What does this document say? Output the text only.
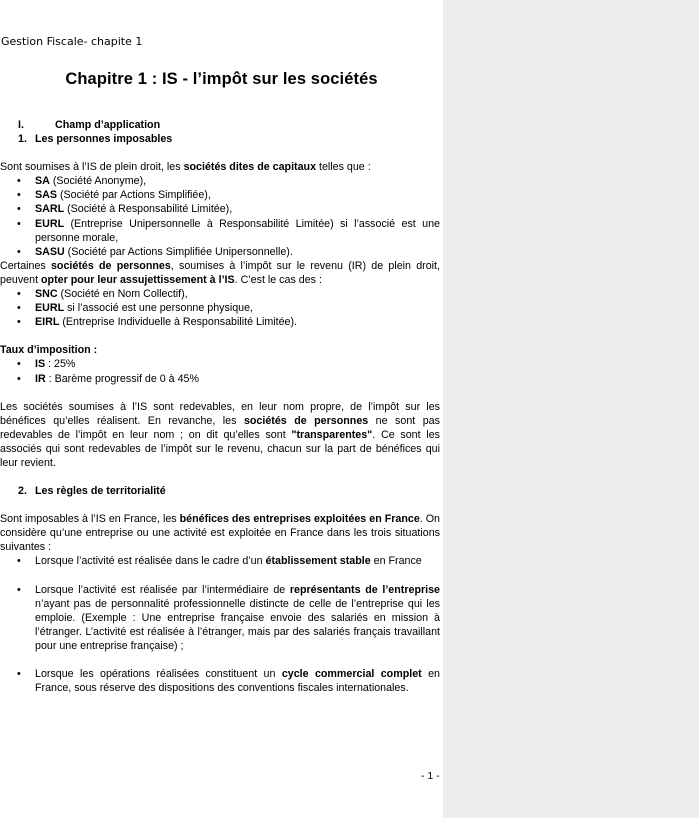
Gestion Fiscale- chapite 1
Chapitre 1 : IS - l’impôt sur les sociétés
I.	Champ d’application
1. Les personnes imposables

Sont soumises à l’IS de plein droit, les sociétés dites de capitaux telles que :

• SA (Société Anonyme),
• SAS (Société par Actions Simplifiée),
• SARL (Société à Responsabilité Limitée),
• EURL (Entreprise Unipersonnelle à Responsabilité Limitée) si l’associé est une personne morale,
• SASU (Société par Actions Simplifiée Unipersonnelle).

Certaines sociétés de personnes, soumises à l’impôt sur le revenu (IR) de plein droit, peuvent opter pour leur assujettissement à l’IS. C’est le cas des :

• SNC (Société en Nom Collectif),
• EURL si l’associé est une personne physique,
• EIRL (Entreprise Individuelle à Responsabilité Limitée).

Taux d’imposition :

• IS : 25%
• IR : Barème progressif de 0 à 45%

Les sociétés soumises à l’IS sont redevables, en leur nom propre, de l’impôt sur les bénéfices qu’elles réalisent. En revanche, les sociétés de personnes ne sont pas redevables de l’impôt en leur nom ; on dit qu’elles sont "transparentes". Ce sont les associés qui sont redevables de l’impôt sur le revenu, chacun sur la part de bénéfices qui leur revient.

2. Les règles de territorialité

Sont imposables à l’IS en France, les bénéfices des entreprises exploitées en France. On considère qu’une entreprise ou une activité est exploitée en France dans les trois situations suivantes :

• Lorsque l’activité est réalisée dans le cadre d’un établissement stable en France
• Lorsque l’activité est réalisée par l’intermédiaire de représentants de l’entreprise n’ayant pas de personnalité professionnelle distincte de celle de l’entreprise qui les emploie. (Exemple : Une entreprise française envoie des salariés en mission à l’étranger. L’activité est réalisée à l’étranger, mais par des salariés français travaillant pour une entreprise française) ;
• Lorsque les opérations réalisées constituent un cycle commercial complet en France, sous réserve des dispositions des conventions fiscales internationales.
- 1 -
